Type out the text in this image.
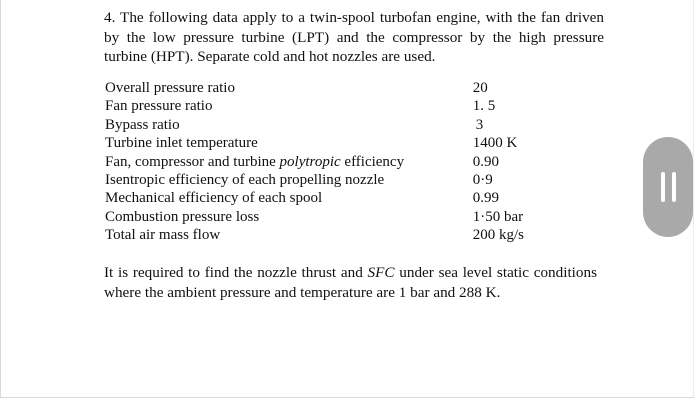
4. The following data apply to a twin-spool turbofan engine, with the fan driven by the low pressure turbine (LPT) and the compressor by the high pressure turbine (HPT). Separate cold and hot nozzles are used.

Overall pressure ratio	20
Fan pressure ratio	1. 5
Bypass ratio	3
Turbine inlet temperature	1400 K
Fan, compressor and turbine polytropic efficiency	0.90
Isentropic efficiency of each propelling nozzle	0·9
Mechanical efficiency of each spool	0.99
Combustion pressure loss	1·50 bar
Total air mass flow	200 kg/s

It is required to find the nozzle thrust and SFC under sea level static conditions where the ambient pressure and temperature are 1 bar and 288 K.
